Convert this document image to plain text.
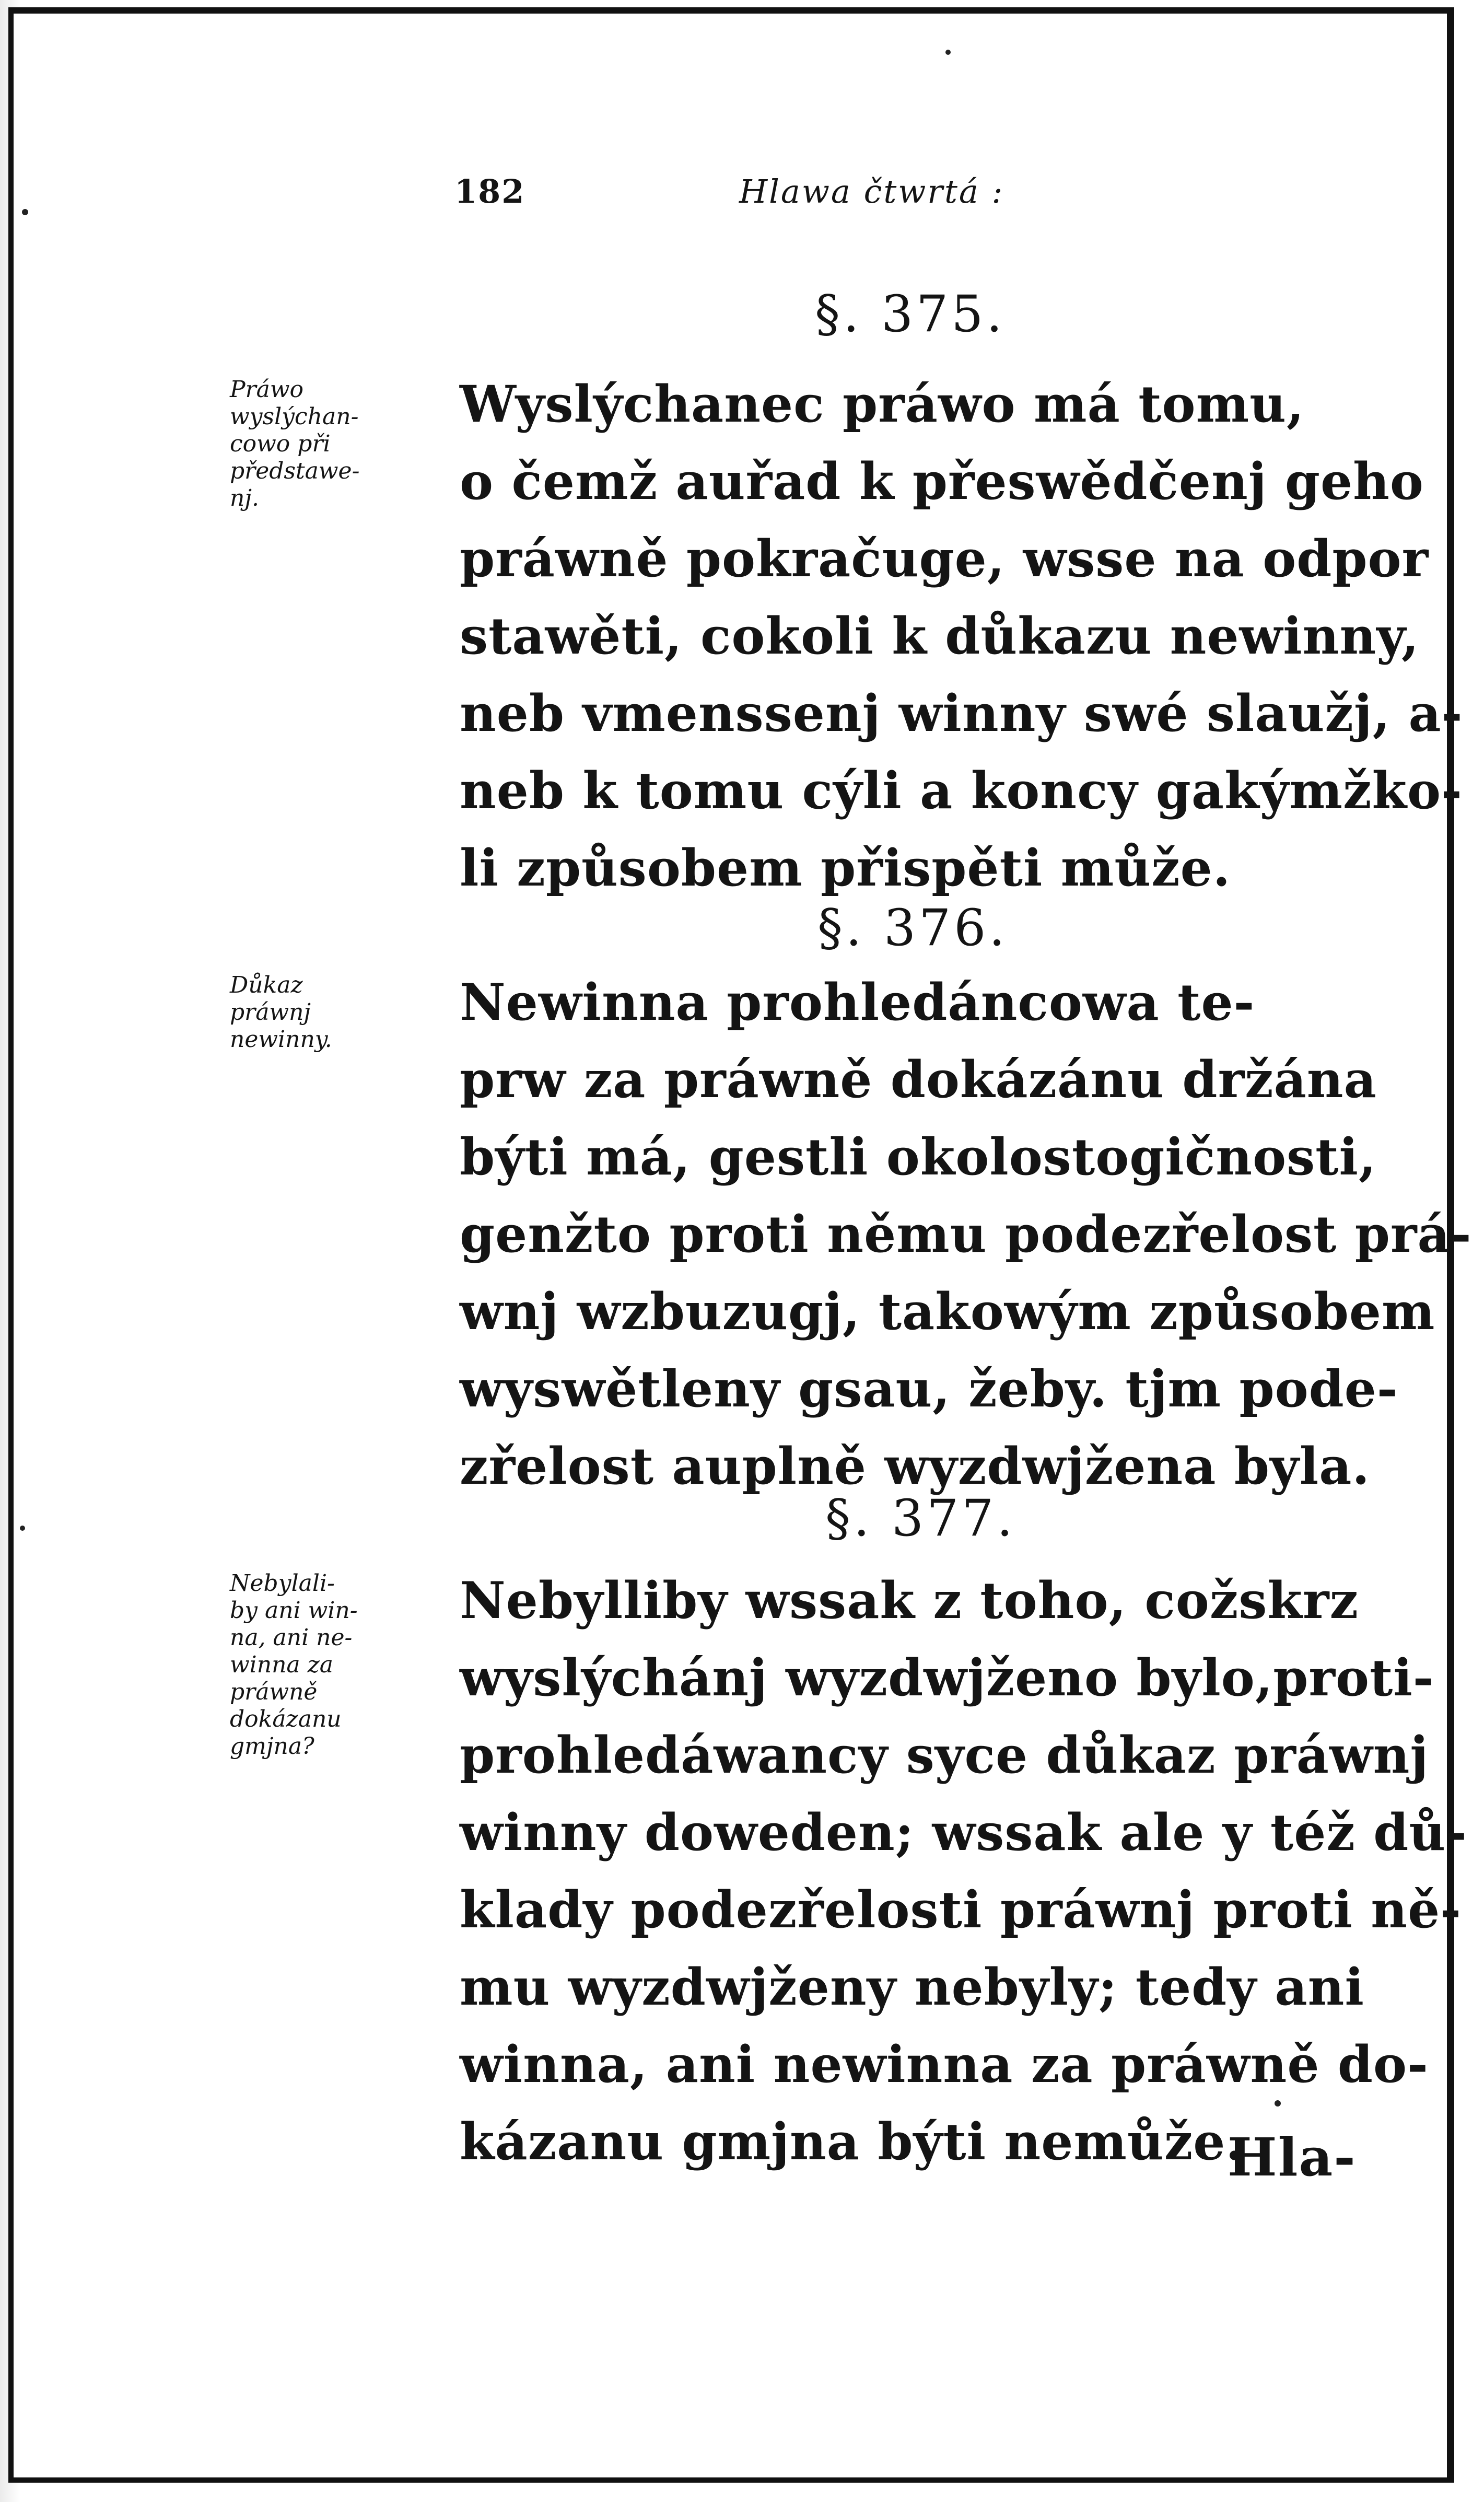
182	Hlawa čtwrtá :
§. 375.
Práwo
wyslýchan-
cowo při
předstawe-
nj.
Wyslýchanec práwo má tomu,
o čemž auřad k přeswědčenj geho
práwně pokračuge, wsse na odpor
stawěti, cokoli k důkazu newinny,
neb vmenssenj winny swé slaužj, a-
neb k tomu cýli a koncy gakýmžko-
li způsobem přispěti může.
§. 376.
Důkaz
práwnj
newinny.
Newinna prohledáncowa te-
prw za práwně dokázánu držána
býti má, gestli okolostogičnosti,
genžto proti němu podezřelost prá-
wnj wzbuzugj, takowým způsobem
wyswětleny gsau, žeby. tjm pode-
zřelost auplně wyzdwjžena byla.
§. 377.
Nebylali-
by ani win-
na, ani ne-
winna za
práwně
dokázanu
gmjna?
Nebylliby wssak z toho, cožskrz
wyslýchánj wyzdwjženo bylo,proti-
prohledáwancy syce důkaz práwnj
winny doweden; wssak ale y též dů-
klady podezřelosti práwnj proti ně-
mu wyzdwjženy nebyly; tedy ani
winna, ani newinna za práwně do-
kázanu gmjna býti nemůže.
Hla-
